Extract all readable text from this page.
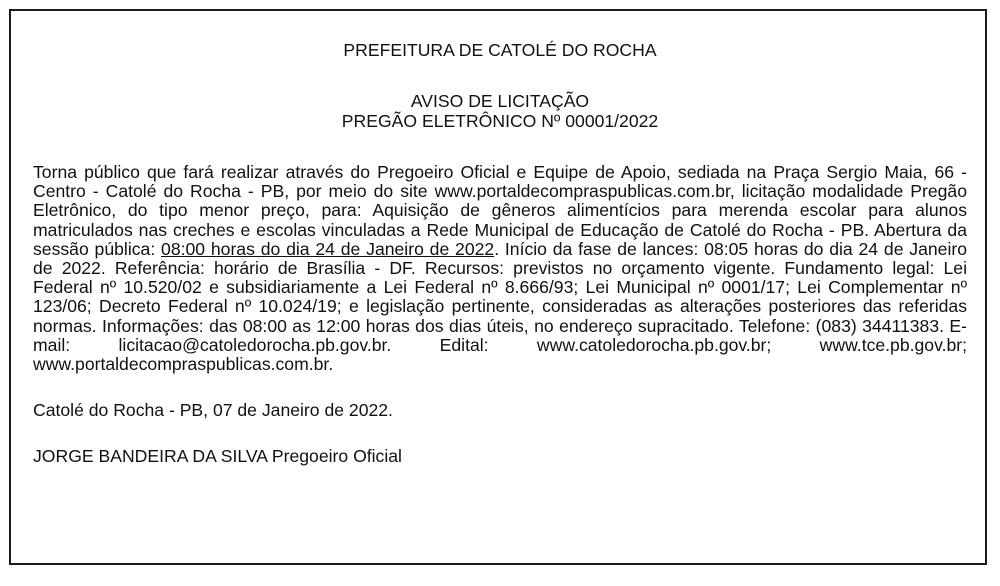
PREFEITURA DE CATOLÉ DO ROCHA

AVISO DE LICITAÇÃO

PREGÃO ELETRÔNICO Nº 00001/2022

Torna público que fará realizar através do Pregoeiro Oficial e Equipe de Apoio, sediada na Praça Sergio Maia, 66 - Centro - Catolé do Rocha - PB, por meio do site www.portaldecompraspublicas.com.br, licitação modalidade Pregão Eletrônico, do tipo menor preço, para: Aquisição de gêneros alimentícios para merenda escolar para alunos matriculados nas creches e escolas vinculadas a Rede Municipal de Educação de Catolé do Rocha - PB. Abertura da sessão pública: 08:00 horas do dia 24 de Janeiro de 2022. Início da fase de lances: 08:05 horas do dia 24 de Janeiro de 2022. Referência: horário de Brasília - DF. Recursos: previstos no orçamento vigente. Fundamento legal: Lei Federal nº 10.520/02 e subsidiariamente a Lei Federal nº 8.666/93; Lei Municipal nº 0001/17; Lei Complementar nº 123/06; Decreto Federal nº 10.024/19; e legislação pertinente, consideradas as alterações posteriores das referidas normas. Informações: das 08:00 as 12:00 horas dos dias úteis, no endereço supracitado. Telefone: (083) 34411383. E-mail: licitacao@catoledorocha.pb.gov.br. Edital: www.catoledorocha.pb.gov.br; www.tce.pb.gov.br; www.portaldecompraspublicas.com.br.

Catolé do Rocha - PB, 07 de Janeiro de 2022.

JORGE BANDEIRA DA SILVA Pregoeiro Oficial
